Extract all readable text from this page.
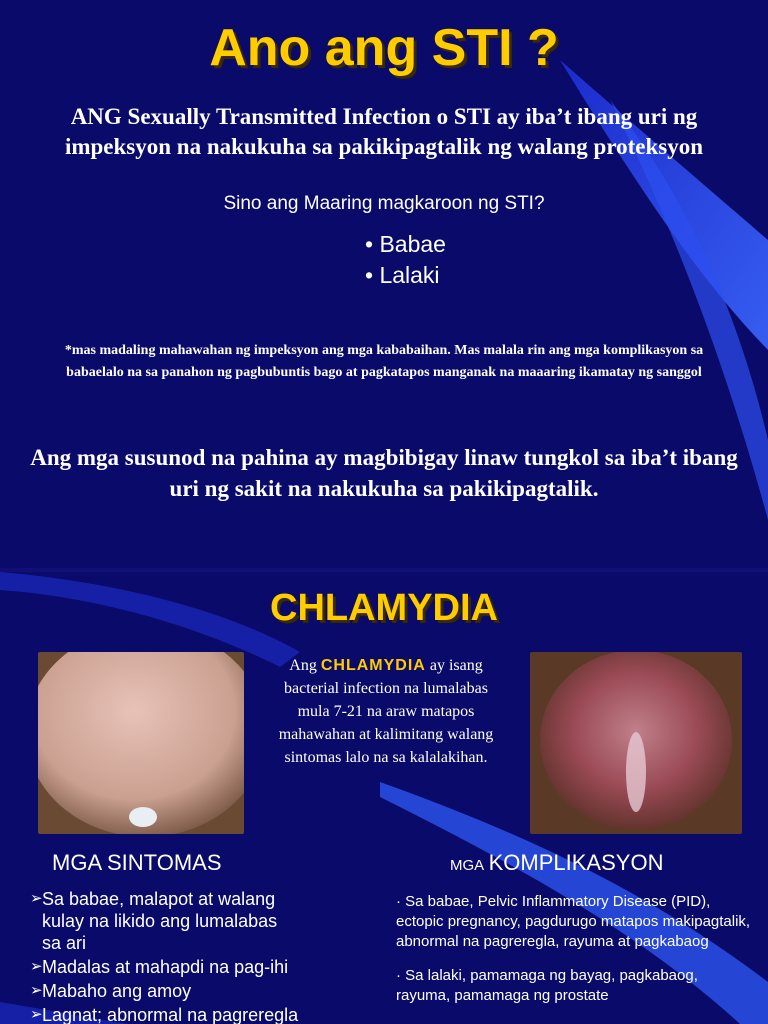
Ano ang STI ?
ANG Sexually Transmitted Infection o STI ay iba’t ibang uri ng impeksyon na nakukuha sa pakikipagtalik ng walang proteksyon
Sino ang Maaring magkaroon ng STI?
• Babae
• Lalaki
*mas madaling mahawahan ng impeksyon ang mga kababaihan. Mas malala rin ang mga komplikasyon sa babaelalo na sa panahon ng pagbubuntis bago at pagkatapos manganak na maaaring ikamatay ng sanggol
Ang mga susunod na pahina ay magbibigay linaw tungkol sa iba’t ibang uri ng sakit na nakukuha sa pakikipagtalik.
CHLAMYDIA
Ang CHLAMYDIA ay isang bacterial infection na lumalabas mula 7-21 na araw matapos mahawahan at kalimitang walang sintomas lalo na sa kalalakihan.
MGA SINTOMAS	MGA KOMPLIKASYON
➢ Sa babae, malapot at walang
kulay na likido ang lumalabas
sa ari
➢ Madalas at mahapdi na pag-ihi
➢ Mabaho ang amoy
➢ Lagnat; abnormal na pagreregla

· Sa babae, Pelvic Inflammatory Disease (PID), ectopic pregnancy, pagdurugo matapos makipagtalik, abnormal na pagreregla, rayuma at pagkabaog

· Sa lalaki, pamamaga ng bayag, pagkabaog, rayuma, pamamaga ng prostate
